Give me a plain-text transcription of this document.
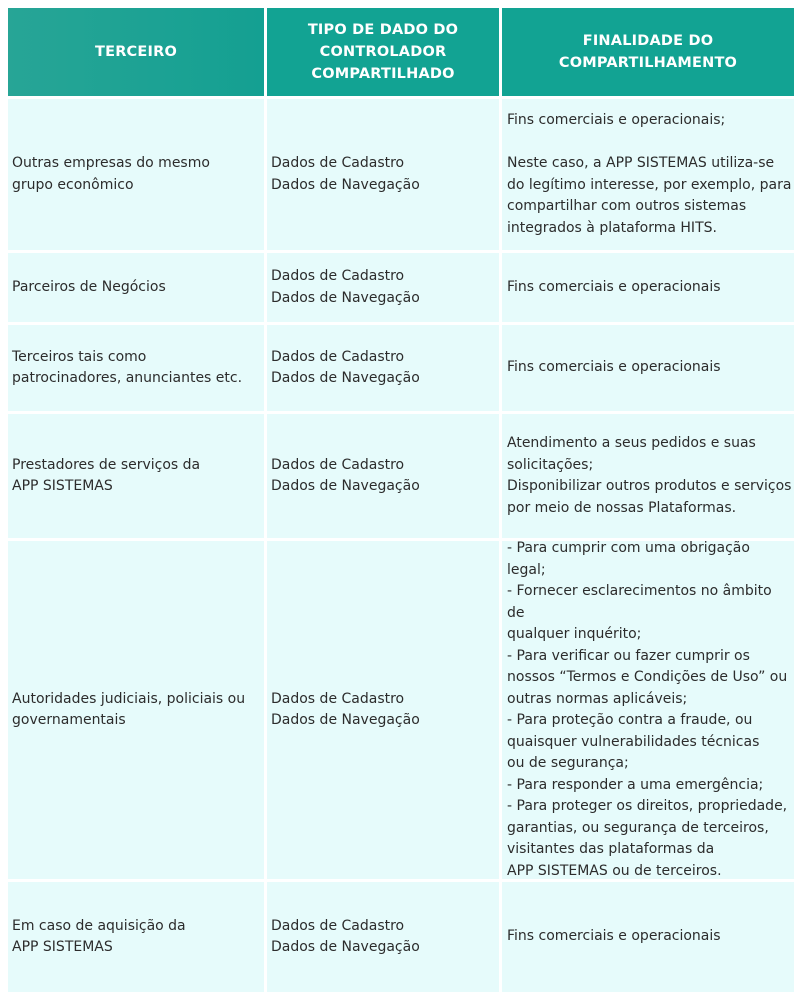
TERCEIRO
TIPO DE DADO DO
CONTROLADOR
COMPARTILHADO
FINALIDADE DO
COMPARTILHAMENTO
Outras empresas do mesmo
grupo econômico
Dados de Cadastro
Dados de Navegação
Fins comerciais e operacionais;

Neste caso, a APP SISTEMAS utiliza-se
do legítimo interesse, por exemplo, para
compartilhar com outros sistemas
integrados à plataforma HITS.
Parceiros de Negócios
Dados de Cadastro
Dados de Navegação
Fins comerciais e operacionais
Terceiros tais como
patrocinadores, anunciantes etc.
Dados de Cadastro
Dados de Navegação
Fins comerciais e operacionais
Prestadores de serviços da
APP SISTEMAS
Dados de Cadastro
Dados de Navegação
Atendimento a seus pedidos e suas
solicitações;
Disponibilizar outros produtos e serviços
por meio de nossas Plataformas.
Autoridades judiciais, policiais ou
governamentais
Dados de Cadastro
Dados de Navegação
- Para cumprir com uma obrigação legal;
- Fornecer esclarecimentos no âmbito de
qualquer inquérito;
- Para verificar ou fazer cumprir os
nossos “Termos e Condições de Uso” ou
outras normas aplicáveis;
- Para proteção contra a fraude, ou
quaisquer vulnerabilidades técnicas
ou de segurança;
- Para responder a uma emergência;
- Para proteger os direitos, propriedade,
garantias, ou segurança de terceiros,
visitantes das plataformas da
APP SISTEMAS ou de terceiros.
Em caso de aquisição da
APP SISTEMAS
Dados de Cadastro
Dados de Navegação
Fins comerciais e operacionais
